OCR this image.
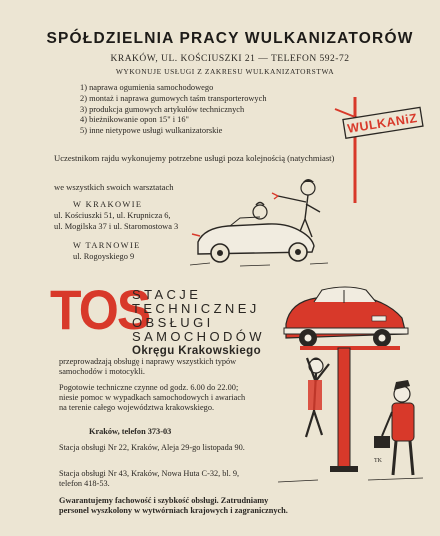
SPÓŁDZIELNIA PRACY WULKANIZATORÓW
KRAKÓW, UL. KOŚCIUSZKI 21 — TELEFON 592-72
WYKONUJE USŁUGI Z ZAKRESU WULKANIZATORSTWA
1) naprawa ogumienia samochodowego
2) montaż i naprawa gumowych taśm transporterowych
3) produkcja gumowych artykułów technicznych
4) bieżnikowanie opon 15" i 16"
5) inne nietypowe usługi wulkanizatorskie
Uczestnikom rajdu wykonujemy potrzebne usługi poza kolejnością (natychmiast)
we wszystkich swoich warsztatach
W KRAKOWIE
ul. Kościuszki 51, ul. Krupnicza 6,
ul. Mogilska 37 i ul. Staromostowa 3
W TARNOWIE
ul. Rogoyskiego 9
WULKANiZ
TOS
STACJE
TECHNICZNEJ
OBSŁUGI
SAMOCHODÓW
Okręgu Krakowskiego
przeprowadzają obsługę i naprawy wszystkich typów samochodów i motocykli.
Pogotowie techniczne czynne od godz. 6.00 do 22.00; niesie pomoc w wypadkach samochodowych i awariach na terenie całego województwa krakowskiego.
Kraków, telefon 373-03
Stacja obsługi Nr 22, Kraków, Aleja 29-go listopada 90.
Stacja obsługi Nr 43, Kraków, Nowa Huta C-32, bl. 9, telefon 418-53.
Gwarantujemy fachowość i szybkość obsługi. Zatrudniamy personel wyszkolony w wytwórniach krajowych i zagranicznych.
TK
